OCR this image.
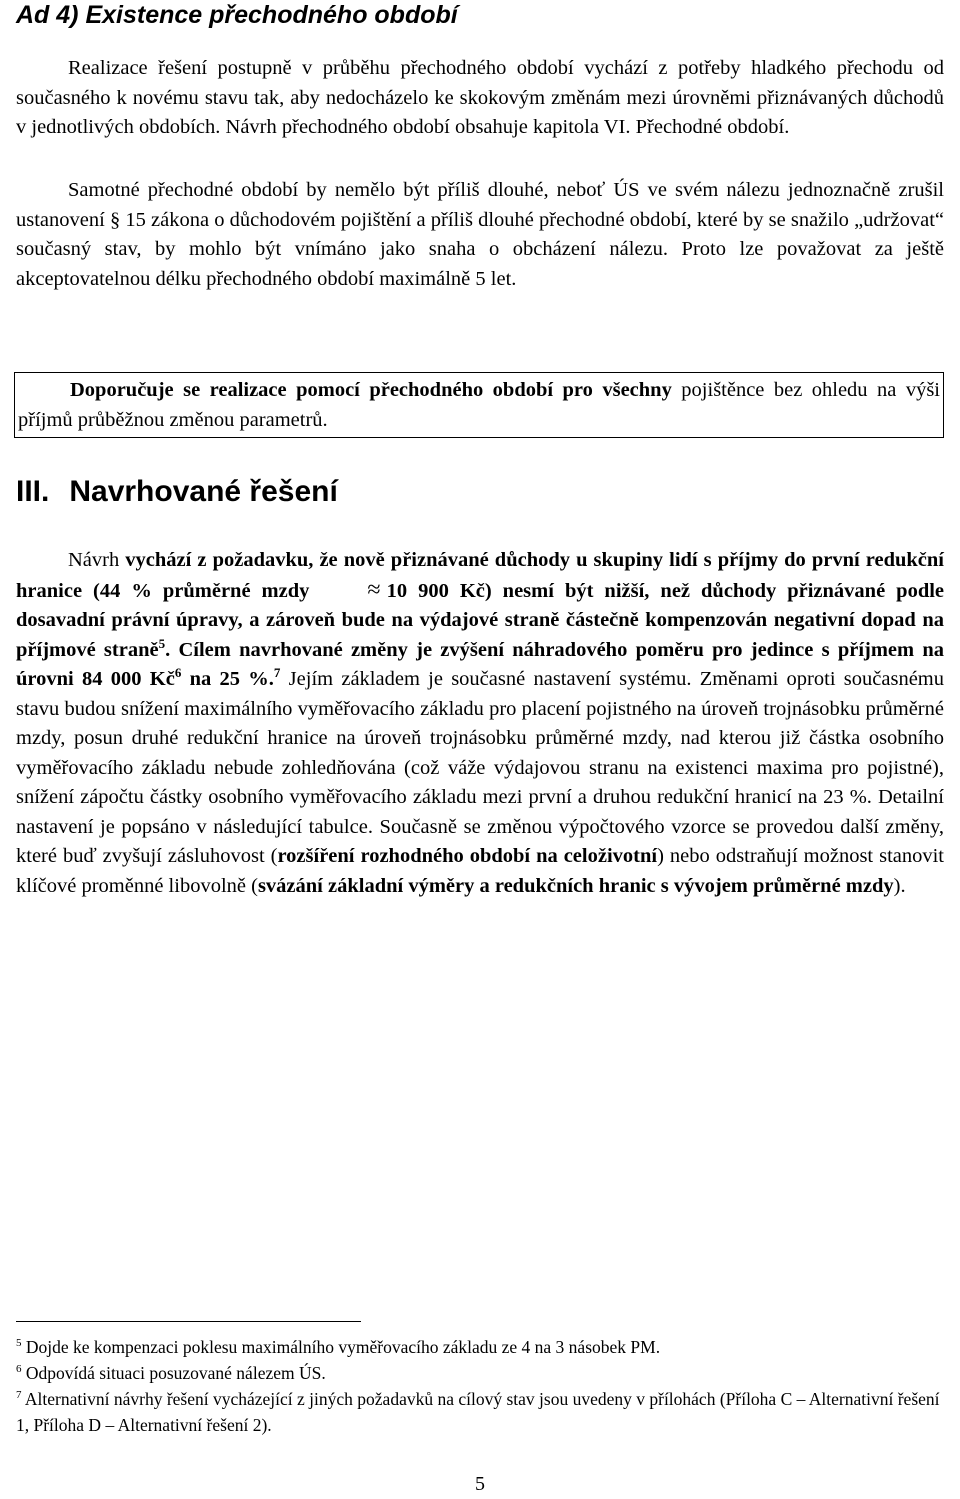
Ad 4) Existence přechodného období

Realizace řešení postupně v průběhu přechodného období vychází z potřeby hladkého přechodu od současného k novému stavu tak, aby nedocházelo ke skokovým změnám mezi úrovněmi přiznávaných důchodů v jednotlivých obdobích. Návrh přechodného období obsahuje kapitola VI. Přechodné období.

Samotné přechodné období by nemělo být příliš dlouhé, neboť ÚS ve svém nálezu jednoznačně zrušil ustanovení § 15 zákona o důchodovém pojištění a příliš dlouhé přechodné období, které by se snažilo „udržovat“ současný stav, by mohlo být vnímáno jako snaha o obcházení nálezu. Proto lze považovat za ještě akceptovatelnou délku přechodného období maximálně 5 let.

Doporučuje se realizace pomocí přechodného období pro všechny pojištěnce bez ohledu na výši příjmů průběžnou změnou parametrů.
III. Navrhované řešení

Návrh vychází z požadavku, že nově přiznávané důchody u skupiny lidí s příjmy do první redukční hranice (44 % průměrné mzdy ≈ 10 900 Kč) nesmí být nižší, než důchody přiznávané podle dosavadní právní úpravy, a zároveň bude na výdajové straně částečně kompenzován negativní dopad na příjmové straně$^5$. Cílem navrhované změny je zvýšení náhradového poměru pro jedince s příjmem na úrovni 84 000 $Kč^6$ na 25 %.$^7$ Jejím základem je současné nastavení systému. Změnami oproti současnému stavu budou snížení maximálního vyměřovacího základu pro placení pojistného na úroveň trojnásobku průměrné mzdy, posun druhé redukční hranice na úroveň trojnásobku průměrné mzdy, nad kterou již částka osobního vyměřovacího základu nebude zohledňována (což váže výdajovou stranu na existenci maxima pro pojistné), snížení zápočtu částky osobního vyměřovacího základu mezi první a druhou redukční hranicí na 23 %. Detailní nastavení je popsáno v následující tabulce. Současně se změnou výpočtového vzorce se provedou další změny, které buď zvyšují zásluhovost (rozšíření rozhodného období na celoživotní) nebo odstraňují možnost stanovit klíčové proměnné libovolně (svázání základní výměry a redukčních hranic s vývojem průměrné mzdy).

$^5$ Dojde ke kompenzaci poklesu maximálního vyměřovacího základu ze 4 na 3 násobek PM.

$^6$ Odpovídá situaci posuzované nálezem ÚS.

$^7$ Alternativní návrhy řešení vycházející z jiných požadavků na cílový stav jsou uvedeny v přílohách (Příloha C – Alternativní řešení 1, Příloha D – Alternativní řešení 2).

5
